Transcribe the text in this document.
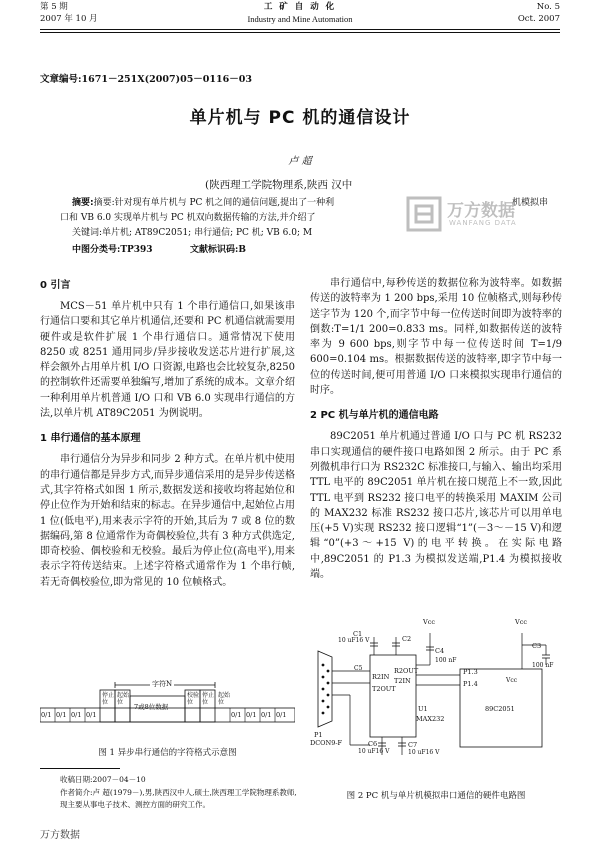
第 5 期
2007 年 10 月
工 矿 自 动 化
Industry and Mine Automation
No. 5
Oct. 2007
文章编号:1671－251X(2007)05－0116－03
单片机与 PC 机的通信设计
卢 超
(陕西理工学院物理系,陕西 汉中
摘要:摘要:针对现有单片机与 PC 机之间的通信问题,提出了一种利	机模拟串
口和 VB 6.0 实现单片机与 PC 机双向数据传输的方法,并介绍了
关键词:单片机; AT89C2051; 串行通信; PC 机; VB 6.0; M
中图分类号:TP393	文献标识码:B
万方数据
WANFANG DATA
0 引言

MCS－51 单片机中只有 1 个串行通信口,如果该串行通信口要和其它单片机通信,还要和 PC 机通信就需要用硬件或是软件扩展 1 个串行通信口。通常情况下使用 8250 或 8251 通用同步/异步接收发送芯片进行扩展,这样会额外占用单片机 I/O 口资源,电路也会比较复杂,8250 的控制软件还需要单独编写,增加了系统的成本。文章介绍一种利用单片机普通 I/O 口和 VB 6.0 实现串行通信的方法,以单片机 AT89C2051 为例说明。

1 串行通信的基本原理

串行通信分为异步和同步 2 种方式。在单片机中使用的串行通信都是异步方式,而异步通信采用的是异步传送格式,其字符格式如图 1 所示,数据发送和接收均将起始位和停止位作为开始和结束的标志。在异步通信中,起始位占用 1 位(低电平),用来表示字符的开始,其后为 7 或 8 位的数据编码,第 8 位通常作为奇偶校验位,共有 3 种方式供选定,即奇校验、偶校验和无校验。最后为停止位(高电平),用来表示字符传送结束。上述字符格式通常作为 1 个串行帧,若无奇偶校验位,即为常见的 10 位帧格式。

字符N
停止位
起始位
7或8位数据
校验位
停止位
起始位
0/1 0/1 0/1 0/1	0/1 0/1 0/1 0/1
图 1 异步串行通信的字符格式示意图
收稿日期:2007－04－10
作者简介:卢 超(1979－),男,陕西汉中人,硕士,陕西理工学院物理系教师,现主要从事电子技术、测控方面的研究工作。

串行通信中,每秒传送的数据位称为波特率。如数据传送的波特率为 1 200 bps,采用 10 位帧格式,则每秒传送字节为 120 个,而字节中每一位传送时间即为波特率的倒数:T=1/1 200=0.833 ms。同样,如数据传送的波特率为 9 600 bps,则字节中每一位传送时间 T=1/9 600=0.104 ms。根据数据传送的波特率,即字节中每一位的传送时间,便可用普通 I/O 口来模拟实现串行通信的时序。

2 PC 机与单片机的通信电路

89C2051 单片机通过普通 I/O 口与 PC 机 RS232 串口实现通信的硬件接口电路如图 2 所示。由于 PC 系列微机串行口为 RS232C 标准接口,与输入、输出均采用 TTL 电平的 89C2051 单片机在接口规范上不一致,因此 TTL 电平到 RS232 接口电平的转换采用 MAXIM 公司的 MAX232 标准 RS232 接口芯片,该芯片可以用单电压(+5 V)实现 RS232 接口逻辑“1”(－3～－15 V)和逻辑“0”(+3～+15 V)的电平转换。在实际电路中,89C2051 的 P1.3 为模拟发送端,P1.4 为模拟接收端。

Vcc	Vcc
C1
10 uF16 V	C2
C3
100 nF
C4
100 nF
C6
10 uF16 V
C7
10 uF16 V
C5	R2OUT
T2IN
R2IN
T2OUT
U1
MAX232
P1.3
P1.4	Vcc
89C2051
P1
DCON9-F
图 2 PC 机与单片机模拟串口通信的硬件电路图
万方数据
